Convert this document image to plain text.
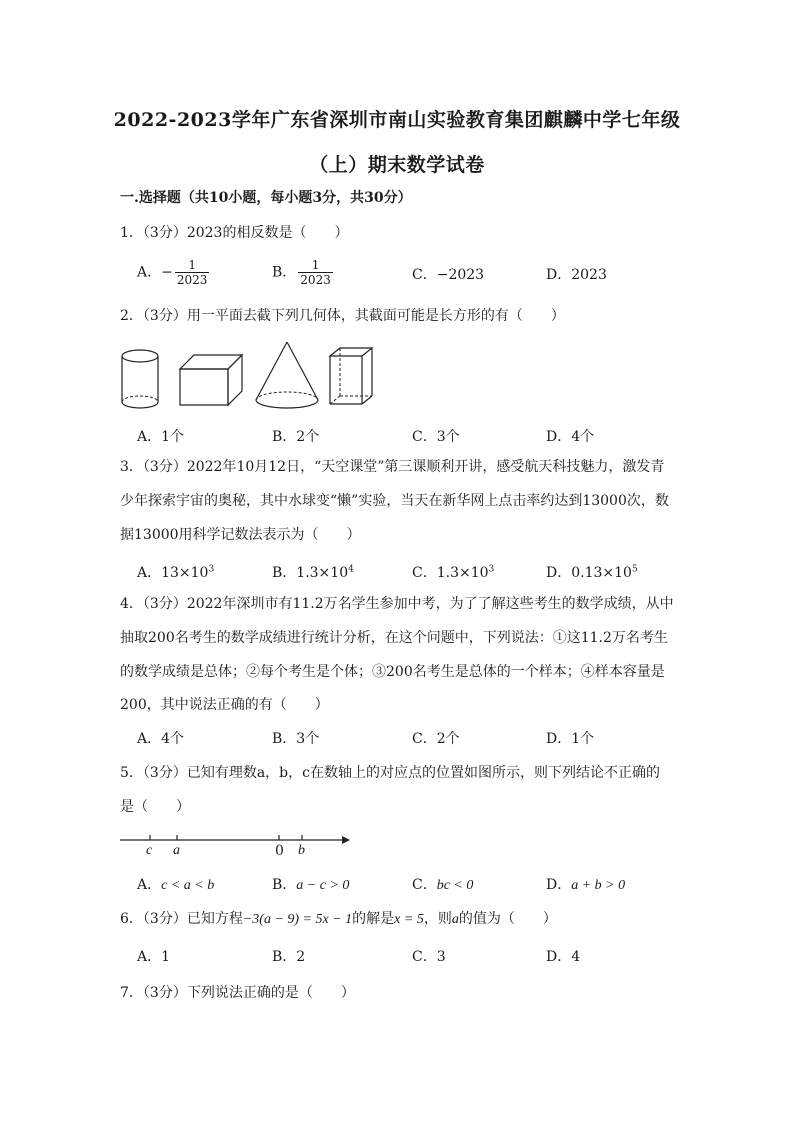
2022-2023学年广东省深圳市南山实验教育集团麒麟中学七年级
（上）期末数学试卷
一.选择题（共10小题，每小题3分，共30分）
1．（3分）2023的相反数是（　　）
A．− $\frac{1}{2023}$	B． $\frac{1}{2023}$	C．−2023	D．2023
2．（3分）用一平面去截下列几何体，其截面可能是长方形的有（　　）
A．1个	B．2个	C．3个	D．4个
3．（3分）2022年10月12日，“天空课堂”第三课顺利开讲，感受航天科技魅力，激发青
少年探索宇宙的奥秘，其中水球变“懒”实验，当天在新华网上点击率约达到13000次，数
据13000用科学记数法表示为（　　）
A．$13\times 10^3$	B．$1.3\times 10^4$	C．$1.3\times 10^3$	D．$0.13\times 10^5$
4．（3分）2022年深圳市有11.2万名学生参加中考，为了了解这些考生的数学成绩，从中
抽取200名考生的数学成绩进行统计分析，在这个问题中，下列说法：①这11.2万名考生
的数学成绩是总体；②每个考生是个体；③200名考生是总体的一个样本；④样本容量是
200，其中说法正确的有（　　）
A．4个	B．3个	C．2个	D．1个
5．（3分）已知有理数a，b，c在数轴上的对应点的位置如图所示，则下列结论不正确的
是（　　）
c a	0 b
A．c < a < b	B．a − c > 0	C．bc < 0	D．a + b > 0
6．（3分）已知方程−3(a − 9) = 5x − 1的解是x = 5，则a的值为（　　）
A．1	B．2	C．3	D．4
7．（3分）下列说法正确的是（　　）
